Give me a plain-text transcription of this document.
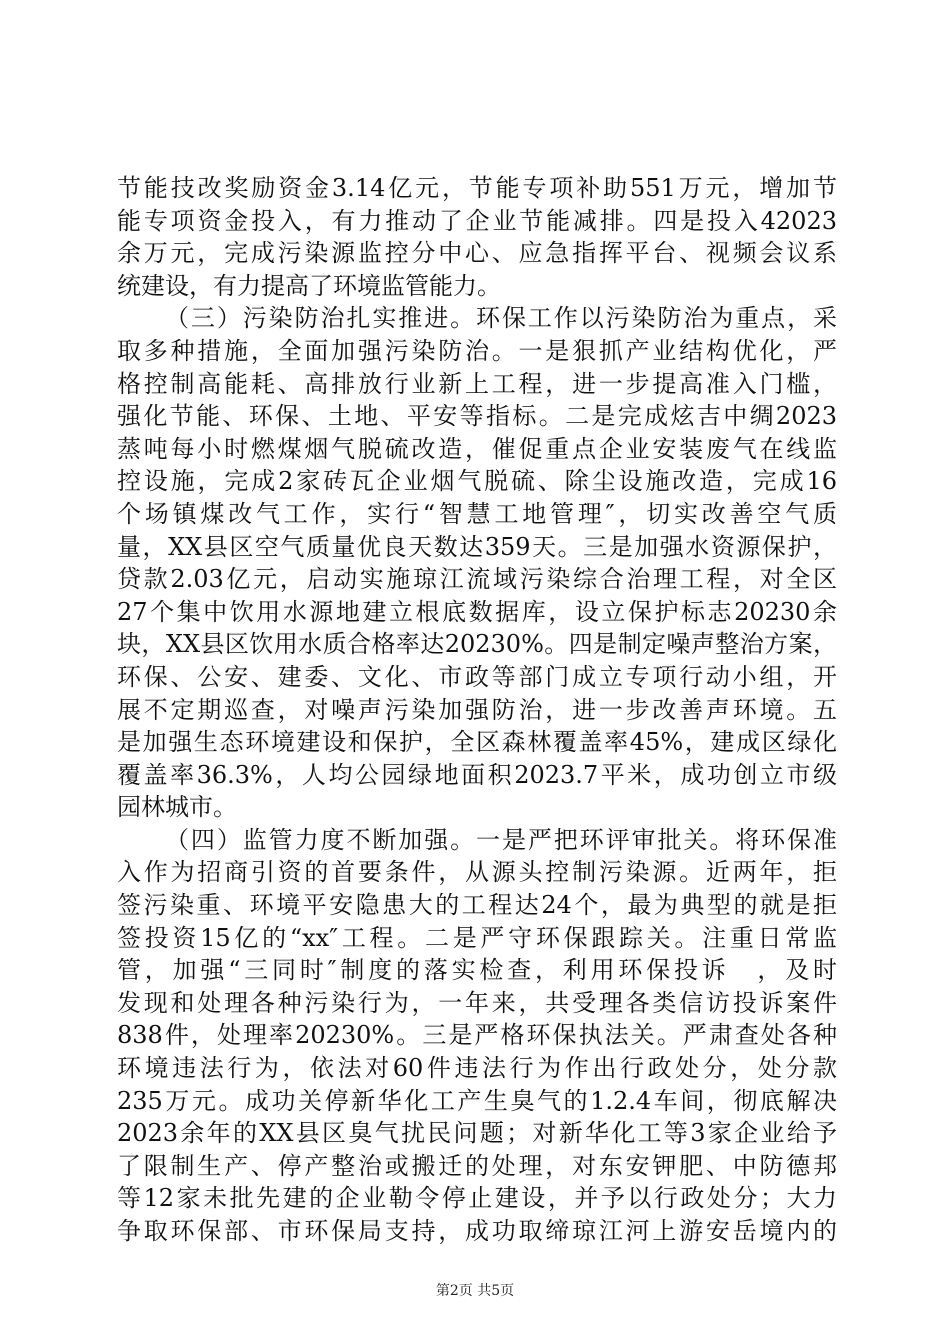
节能技改奖励资金3.14亿元，节能专项补助551万元，增加节
能专项资金投入，有力推动了企业节能减排。四是投入42023
余万元，完成污染源监控分中心、应急指挥平台、视频会议系
统建设，有力提高了环境监管能力。
（三）污染防治扎实推进。环保工作以污染防治为重点，采
取多种措施，全面加强污染防治。一是狠抓产业结构优化，严
格控制高能耗、高排放行业新上工程，进一步提高准入门槛，
强化节能、环保、土地、平安等指标。二是完成炫吉中绸2023
蒸吨每小时燃煤烟气脱硫改造，催促重点企业安装废气在线监
控设施，完成2家砖瓦企业烟气脱硫、除尘设施改造，完成16
个场镇煤改气工作，实行“智慧工地管理″，切实改善空气质
量，XX县区空气质量优良天数达359天。三是加强水资源保护，
贷款2.03亿元，启动实施琼江流域污染综合治理工程，对全区
27个集中饮用水源地建立根底数据库，设立保护标志20230余
块，XX县区饮用水质合格率达20230%。四是制定噪声整治方案，
环保、公安、建委、文化、市政等部门成立专项行动小组，开
展不定期巡查，对噪声污染加强防治，进一步改善声环境。五
是加强生态环境建设和保护，全区森林覆盖率45%，建成区绿化
覆盖率36.3%，人均公园绿地面积2023.7平米，成功创立市级
园林城市。
（四）监管力度不断加强。一是严把环评审批关。将环保准
入作为招商引资的首要条件，从源头控制污染源。近两年，拒
签污染重、环境平安隐患大的工程达24个，最为典型的就是拒
签投资15亿的“xx″工程。二是严守环保跟踪关。注重日常监
管，加强“三同时″制度的落实检查，利用环保投诉　，及时
发现和处理各种污染行为，一年来，共受理各类信访投诉案件
838件，处理率20230%。三是严格环保执法关。严肃查处各种
环境违法行为，依法对60件违法行为作出行政处分，处分款
235万元。成功关停新华化工产生臭气的1.2.4车间，彻底解决
2023余年的XX县区臭气扰民问题；对新华化工等3家企业给予
了限制生产、停产整治或搬迁的处理，对东安钾肥、中防德邦
等12家未批先建的企业勒令停止建设，并予以行政处分；大力
争取环保部、市环保局支持，成功取缔琼江河上游安岳境内的
第2页 共5页
